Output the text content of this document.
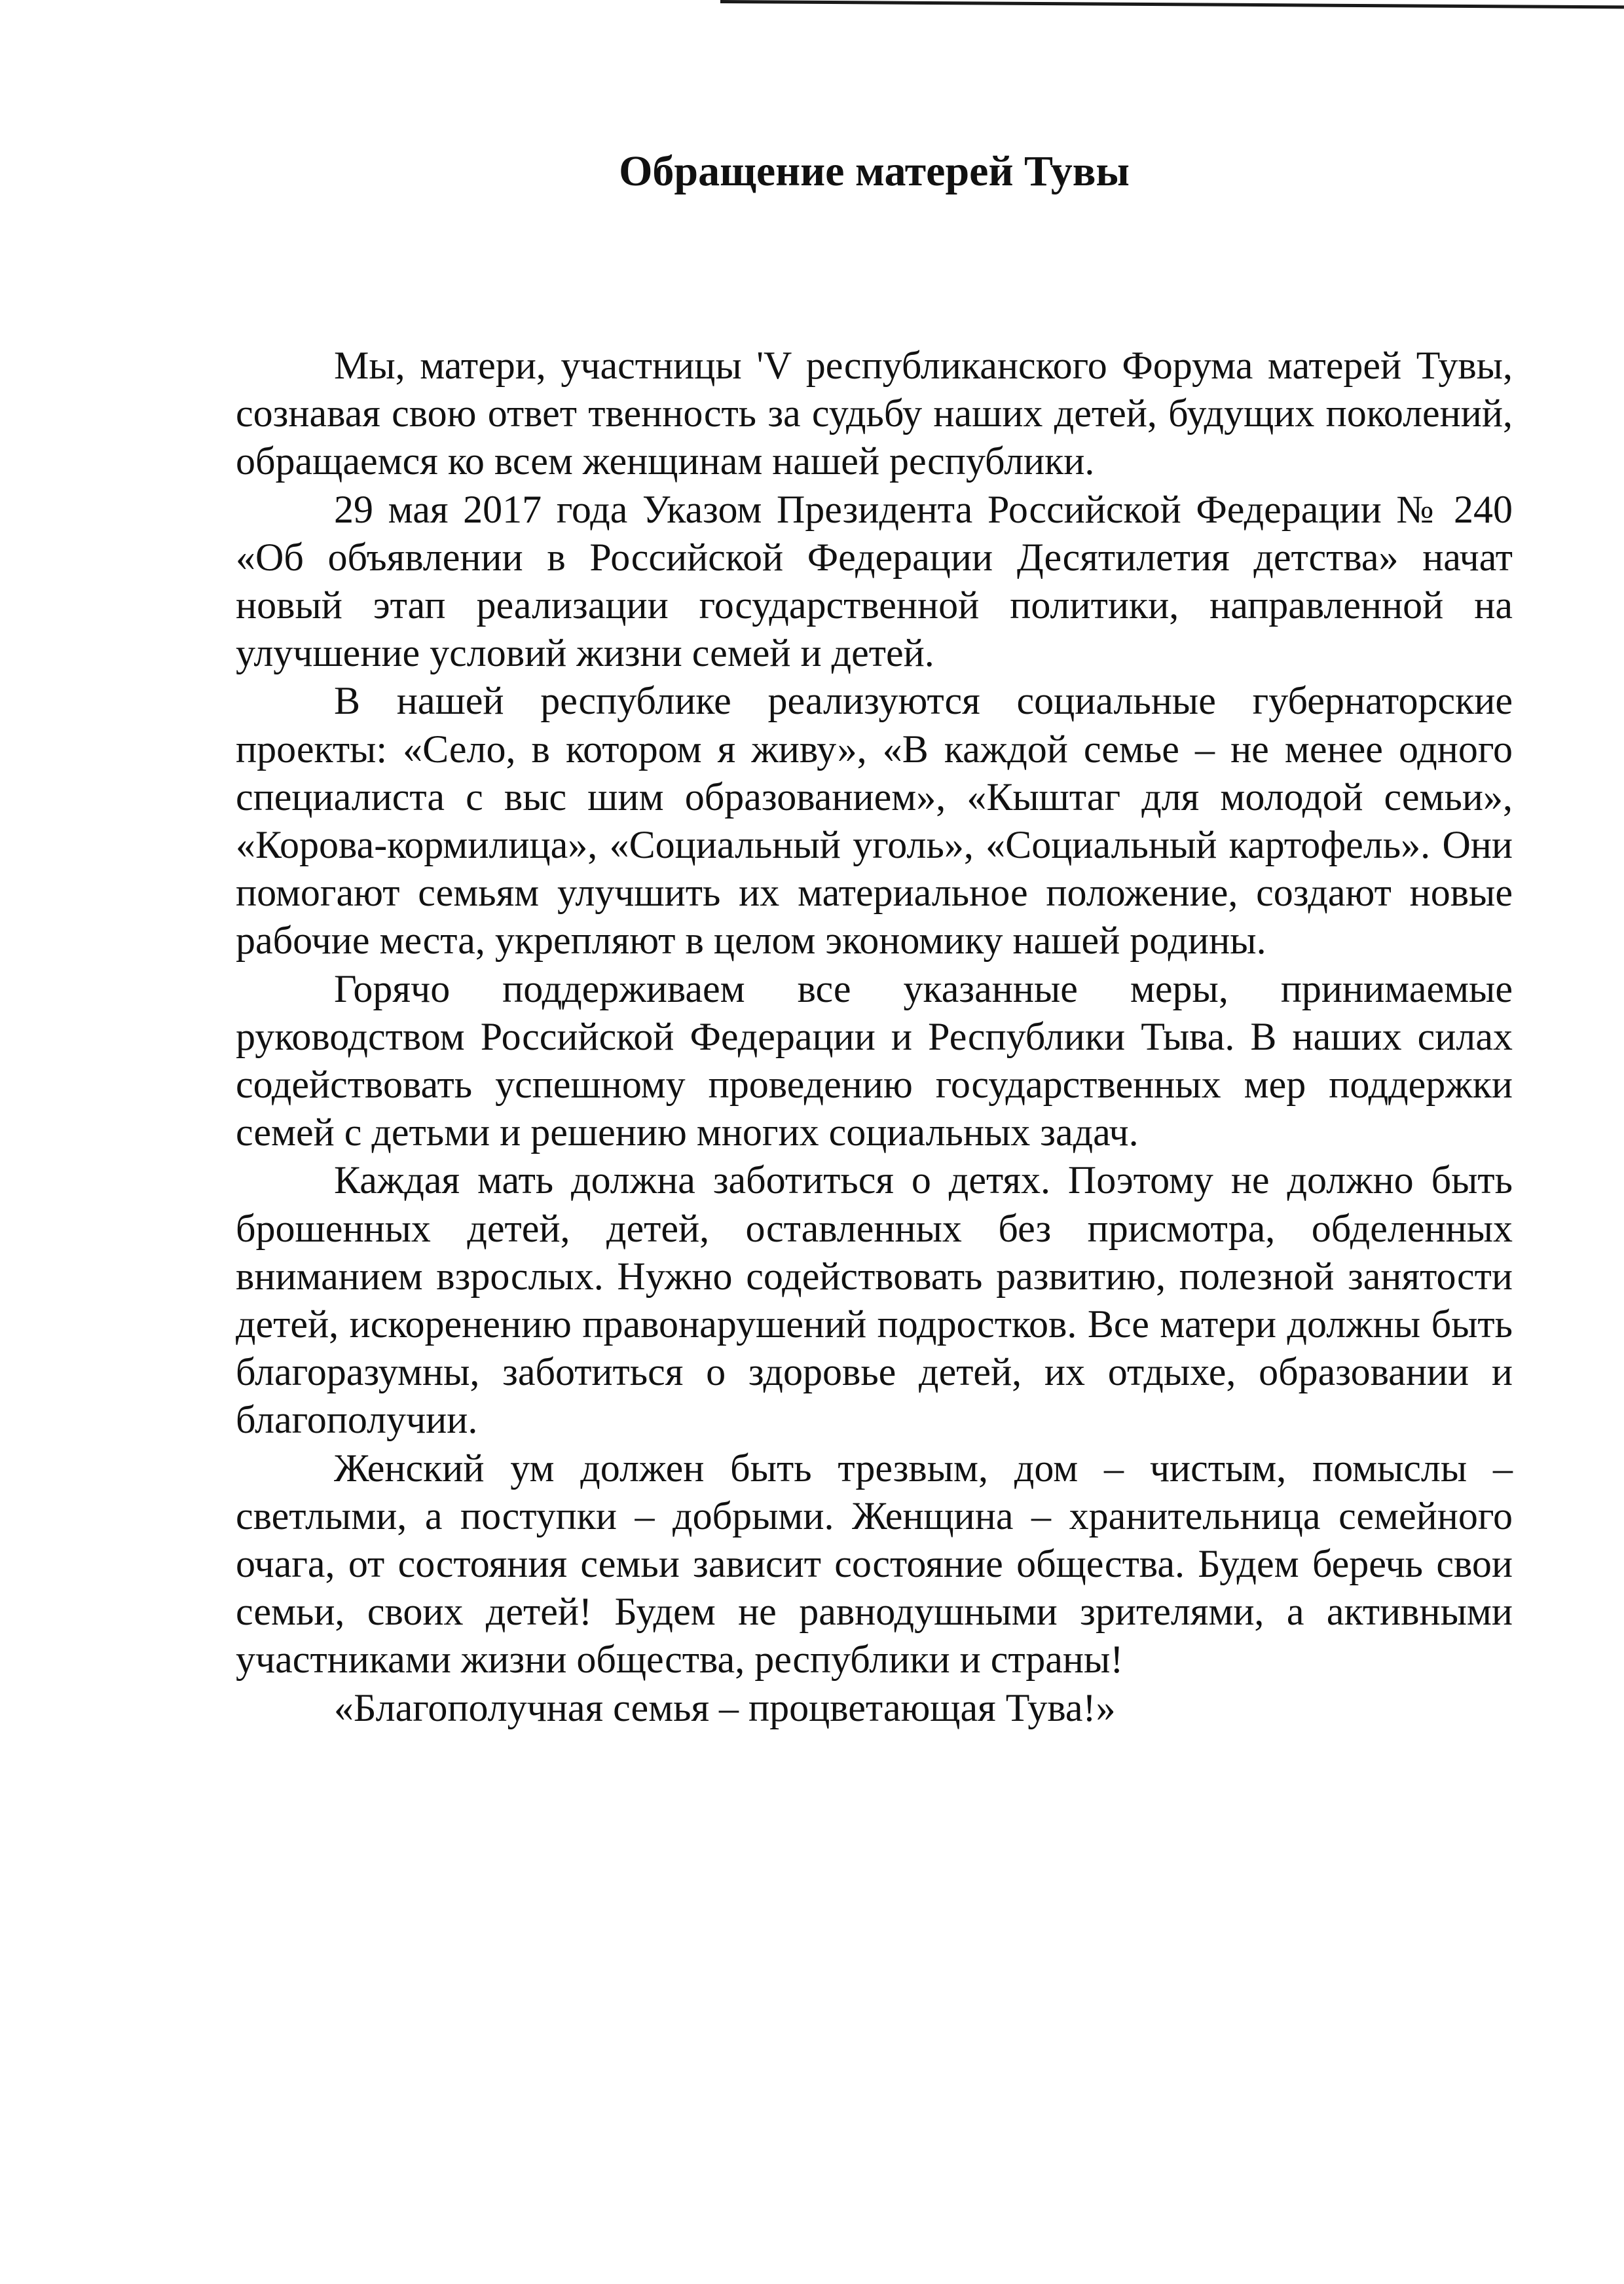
Обращение матерей Тувы

Мы, матери, участницы 'V республиканского Форума матерей Тувы, сознавая свою ответ твенность за судьбу наших детей, будущих поколений, обращаемся ко всем женщинам нашей республики.

29 мая 2017 года Указом Президента Российской Федерации № 240 «Об объявлении в Российской Федерации Десятилетия детства» начат новый этап реализации государственной политики, направленной на улучшение условий жизни семей и детей.

В нашей республике реализуются социальные губернаторские проекты: «Село, в котором я живу», «В каждой семье – не менее одного специалиста с выс шим образованием», «Кыштаг для молодой семьи», «Корова-кормилица», «Социальный уголь», «Социальный картофель». Они помогают семьям улучшить их материальное положение, создают новые рабочие места, укрепляют в целом экономику нашей родины.

Горячо поддерживаем все указанные меры, принимаемые руководством Российской Федерации и Республики Тыва. В наших силах содействовать успешному проведению государственных мер поддержки семей с детьми и решению многих социальных задач.

Каждая мать должна заботиться о детях. Поэтому не должно быть брошенных детей, детей, оставленных без присмотра, обделенных вниманием взрослых. Нужно содействовать развитию, полезной занятости детей, искоренению правонарушений подростков. Все матери должны быть благоразумны, заботиться о здоровье детей, их отдыхе, образовании и благополучии.

Женский ум должен быть трезвым, дом – чистым, помыслы – светлыми, а поступки – добрыми. Женщина – хранительница семейного очага, от состояния семьи зависит состояние общества. Будем беречь свои семьи, своих детей! Будем не равнодушными зрителями, а активными участниками жизни общества, республики и страны!

«Благополучная семья – процветающая Тува!»
